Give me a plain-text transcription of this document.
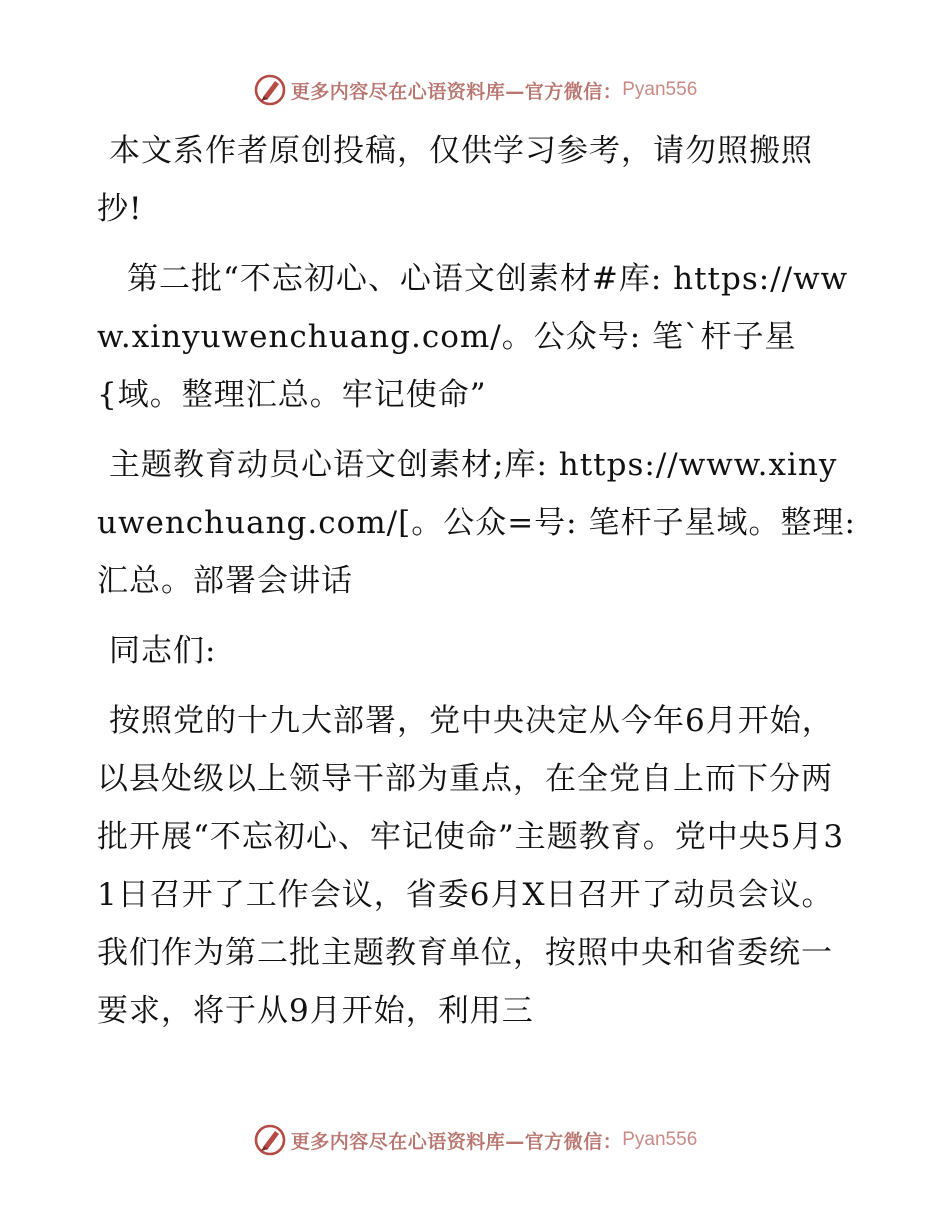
更多内容尽在心语资料库—官方微信： Pyan556

本文系作者原创投稿，仅供学习参考，请勿照搬照抄!

第二批“不忘初心、心语文创素材#库: https://www.xinyuwenchuang.com/。公众号: 笔`杆子星{域。整理汇总。牢记使命”

主题教育动员心语文创素材;库: https://www.xinyuwenchuang.com/[。公众=号: 笔杆子星域。整理:汇总。部署会讲话

同志们:

按照党的十九大部署，党中央决定从今年6月开始，以县处级以上领导干部为重点，在全党自上而下分两批开展“不忘初心、牢记使命”主题教育。党中央5月31日召开了工作会议，省委6月X日召开了动员会议。我们作为第二批主题教育单位，按照中央和省委统一要求，将于从9月开始，利用三

更多内容尽在心语资料库—官方微信： Pyan556
